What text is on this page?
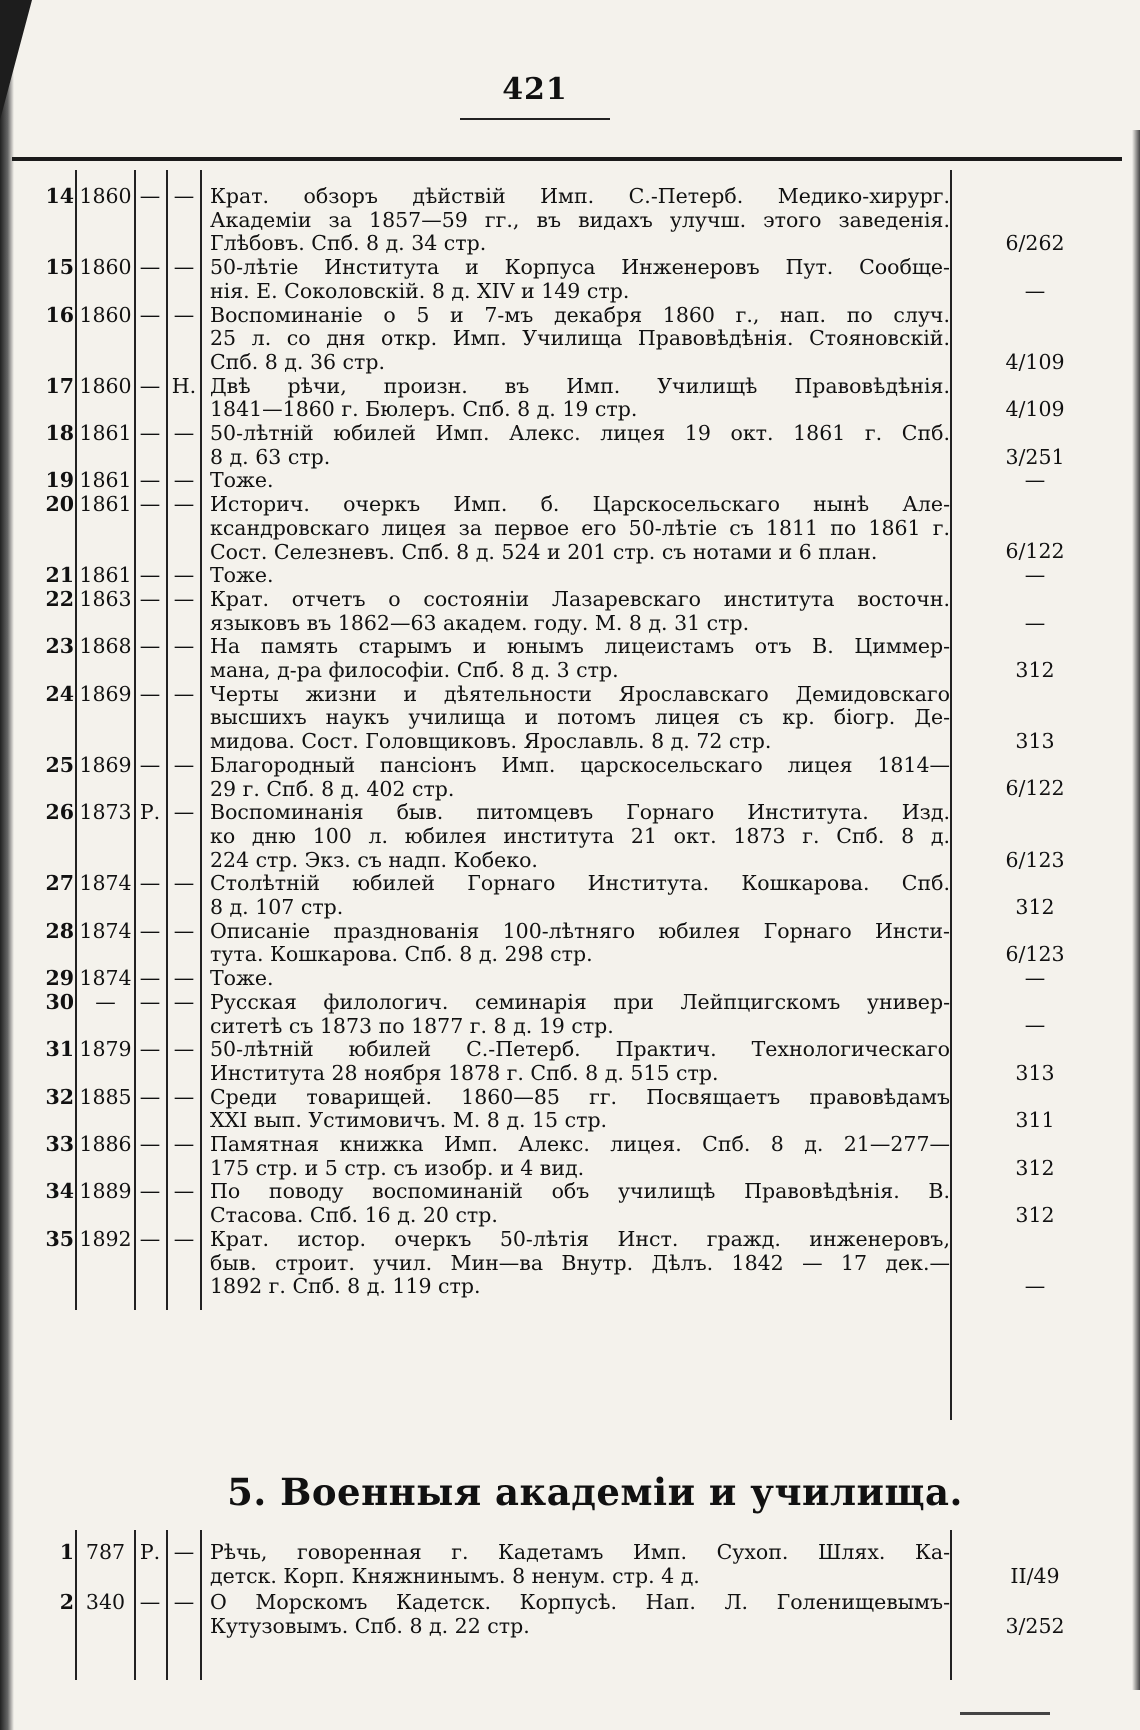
421
14 1860 — — Крат. обзоръ дѣйствій Имп. С.-Петерб. Медико-хирург.
Академіи за 1857—59 гг., въ видахъ улучш. этого заведенія.
Глѣбовъ. Спб. 8 д. 34 стр.	6/262
15 1860 — — 50-лѣтіе Института и Корпуса Инженеровъ Пут. Сообще-
нія. Е. Соколовскій. 8 д. XIV и 149 стр.	—
16 1860 — — Воспоминаніе о 5 и 7-мъ декабря 1860 г., нап. по случ.
25 л. со дня откр. Имп. Училища Правовѣдѣнія. Стояновскій.
Спб. 8 д. 36 стр.	4/109
17 1860 — Н. Двѣ рѣчи, произн. въ Имп. Училищѣ Правовѣдѣнія.
1841—1860 г. Бюлеръ. Спб. 8 д. 19 стр.	4/109
18 1861 — — 50-лѣтній юбилей Имп. Алекс. лицея 19 окт. 1861 г. Спб.
8 д. 63 стр.	3/251
19 1861 — — Тоже.	—
20 1861 — — Историч. очеркъ Имп. б. Царскосельскаго нынѣ Але-
ксандровскаго лицея за первое его 50-лѣтіе съ 1811 по 1861 г.
Сост. Селезневъ. Спб. 8 д. 524 и 201 стр. съ нотами и 6 план.	6/122
21 1861 — — Тоже.	—
22 1863 — — Крат. отчетъ о состояніи Лазаревскаго института восточн.
языковъ въ 1862—63 академ. году. М. 8 д. 31 стр.	—
23 1868 — — На память старымъ и юнымъ лицеистамъ отъ В. Циммер-
мана, д-ра философіи. Спб. 8 д. 3 стр.	312
24 1869 — — Черты жизни и дѣятельности Ярославскаго Демидовскаго
высшихъ наукъ училища и потомъ лицея съ кр. біогр. Де-
мидова. Сост. Головщиковъ. Ярославль. 8 д. 72 стр.	313
25 1869 — — Благородный пансіонъ Имп. царскосельскаго лицея 1814—
29 г. Спб. 8 д. 402 стр.	6/122
26 1873 Р. — Воспоминанія быв. питомцевъ Горнаго Института. Изд.
ко дню 100 л. юбилея института 21 окт. 1873 г. Спб. 8 д.
224 стр. Экз. съ надп. Кобеко.	6/123
27 1874 — — Столѣтній юбилей Горнаго Института. Кошкарова. Спб.
8 д. 107 стр.	312
28 1874 — — Описаніе празднованія 100-лѣтняго юбилея Горнаго Инсти-
тута. Кошкарова. Спб. 8 д. 298 стр.	6/123
29 1874 — — Тоже.	—
30	—	— — Русская филологич. семинарія при Лейпцигскомъ универ-
ситетѣ съ 1873 по 1877 г. 8 д. 19 стр.	—
31 1879 — — 50-лѣтній юбилей С.-Петерб. Практич. Технологическаго
Института 28 ноября 1878 г. Спб. 8 д. 515 стр.	313
32 1885 — — Среди товарищей. 1860—85 гг. Посвящаетъ правовѣдамъ
XXI вып. Устимовичъ. М. 8 д. 15 стр.	311
33 1886 — — Памятная книжка Имп. Алекс. лицея. Спб. 8 д. 21—277—
175 стр. и 5 стр. съ изобр. и 4 вид.	312
34 1889 — — По поводу воспоминаній объ училищѣ Правовѣдѣнія. В.
Стасова. Спб. 16 д. 20 стр.	312
35 1892 — — Крат. истор. очеркъ 50-лѣтія Инст. гражд. инженеровъ,
быв. строит. учил. Мин—ва Внутр. Дѣлъ. 1842 — 17 дек.—
1892 г. Спб. 8 д. 119 стр.	—
5. Военныя академіи и училища.
1 787 Р. — Рѣчь, говоренная г. Кадетамъ Имп. Сухоп. Шлях. Ка-
детск. Корп. Княжнинымъ. 8 ненум. стр. 4 д.	II/49
2 340 — — О Морскомъ Кадетск. Корпусѣ. Нап. Л. Голенищевымъ-
Кутузовымъ. Спб. 8 д. 22 стр.	3/252
